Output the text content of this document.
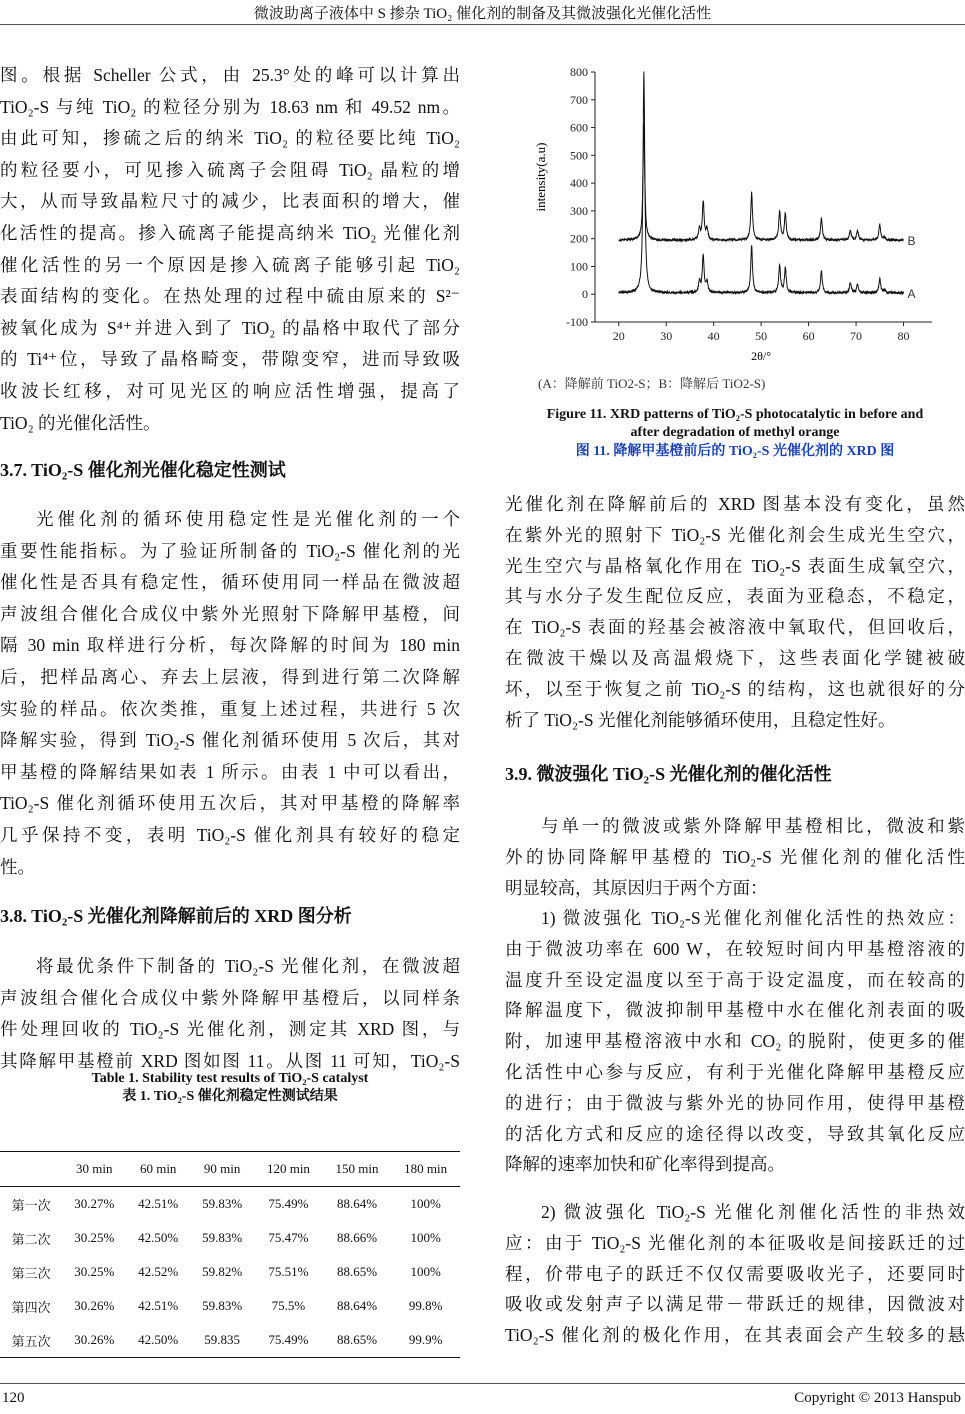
微波助离子液体中 S 掺杂 TiO₂ 催化剂的制备及其微波强化光催化活性
图。根据 Scheller 公式，由 25.3°处的峰可以计算出
TiO₂-S 与纯 TiO₂ 的粒径分别为 18.63 nm 和 49.52 nm。
由此可知，掺硫之后的纳米 TiO₂ 的粒径要比纯 TiO₂
的粒径要小，可见掺入硫离子会阻碍 TiO₂ 晶粒的增
大，从而导致晶粒尺寸的减少，比表面积的增大，催
化活性的提高。掺入硫离子能提高纳米 TiO₂ 光催化剂
催化活性的另一个原因是掺入硫离子能够引起 TiO₂
表面结构的变化。在热处理的过程中硫由原来的 S²⁻
被氧化成为 S⁴⁺并进入到了 TiO₂ 的晶格中取代了部分
的 Ti⁴⁺位，导致了晶格畸变，带隙变窄，进而导致吸
收波长红移，对可见光区的响应活性增强，提高了
TiO₂ 的光催化活性。
3.7. TiO₂-S 催化剂光催化稳定性测试
光催化剂的循环使用稳定性是光催化剂的一个
重要性能指标。为了验证所制备的 TiO₂-S 催化剂的光
催化性是否具有稳定性，循环使用同一样品在微波超
声波组合催化合成仪中紫外光照射下降解甲基橙，间
隔 30 min 取样进行分析，每次降解的时间为 180 min
后，把样品离心、弃去上层液，得到进行第二次降解
实验的样品。依次类推，重复上述过程，共进行 5 次
降解实验，得到 TiO₂-S 催化剂循环使用 5 次后，其对
甲基橙的降解结果如表 1 所示。由表 1 中可以看出，
TiO₂-S 催化剂循环使用五次后，其对甲基橙的降解率
几乎保持不变，表明 TiO₂-S 催化剂具有较好的稳定
性。
3.8. TiO₂-S 光催化剂降解前后的 XRD 图分析
将最优条件下制备的 TiO₂-S 光催化剂，在微波超
声波组合催化合成仪中紫外降解甲基橙后，以同样条
件处理回收的 TiO₂-S 光催化剂，测定其 XRD 图，与
其降解甲基橙前 XRD 图如图 11。从图 11 可知，TiO₂-S
Table 1. Stability test results of TiO₂-S catalyst
表 1. TiO₂-S 催化剂稳定性测试结果
	30 min	60 min	90 min	120 min	150 min	180 min
第一次	30.27%	42.51%	59.83%	75.49%	88.64%	100%
第二次	30.25%	42.50%	59.83%	75.47%	88.66%	100%
第三次	30.25%	42.52%	59.82%	75.51%	88.65%	100%
第四次	30.26%	42.51%	59.83%	75.5%	88.64%	99.8%
第五次	30.26%	42.50%	59.835	75.49%	88.65%	99.9%
-100
0
100
200
300
400
500
600
700
800
20	30	40	50	60	70	80
2θ/°
intensity(a.u)
A
B
(A：降解前 TiO2-S；B：降解后 TiO2-S)
Figure 11. XRD patterns of TiO₂-S photocatalytic in before and
after degradation of methyl orange
图 11. 降解甲基橙前后的 TiO₂-S 光催化剂的 XRD 图
光催化剂在降解前后的 XRD 图基本没有变化，虽然
在紫外光的照射下 TiO₂-S 光催化剂会生成光生空穴，
光生空穴与晶格氧化作用在 TiO₂-S 表面生成氧空穴，
其与水分子发生配位反应，表面为亚稳态，不稳定，
在 TiO₂-S 表面的羟基会被溶液中氧取代，但回收后，
在微波干燥以及高温煅烧下，这些表面化学键被破
坏，以至于恢复之前 TiO₂-S 的结构，这也就很好的分
析了 TiO₂-S 光催化剂能够循环使用，且稳定性好。
3.9. 微波强化 TiO₂-S 光催化剂的催化活性
与单一的微波或紫外降解甲基橙相比，微波和紫
外的协同降解甲基橙的 TiO₂-S 光催化剂的催化活性
明显较高，其原因归于两个方面：
1) 微波强化 TiO₂-S光催化剂催化活性的热效应：
由于微波功率在 600 W，在较短时间内甲基橙溶液的
温度升至设定温度以至于高于设定温度，而在较高的
降解温度下，微波抑制甲基橙中水在催化剂表面的吸
附，加速甲基橙溶液中水和 CO₂ 的脱附，使更多的催
化活性中心参与反应，有利于光催化降解甲基橙反应
的进行；由于微波与紫外光的协同作用，使得甲基橙
的活化方式和反应的途径得以改变，导致其氧化反应
降解的速率加快和矿化率得到提高。
2) 微波强化 TiO₂-S 光催化剂催化活性的非热效
应：由于 TiO₂-S 光催化剂的本征吸收是间接跃迁的过
程，价带电子的跃迁不仅仅需要吸收光子，还要同时
吸收或发射声子以满足带－带跃迁的规律，因微波对
TiO₂-S 催化剂的极化作用，在其表面会产生较多的悬
120	Copyright © 2013 Hanspub
